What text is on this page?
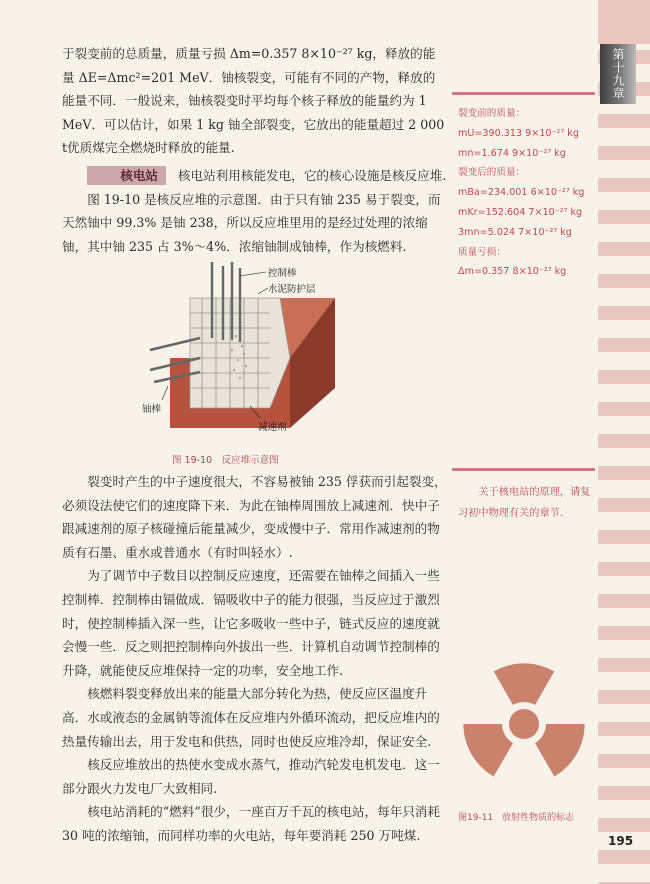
第十九章

于裂变前的总质量，质量亏损 Δm=0.357 8×10⁻²⁷ kg，释放的能量 ΔE=Δmc²=201 MeV．铀核裂变，可能有不同的产物，释放的能量不同．一般说来，铀核裂变时平均每个核子释放的能量约为 1 MeV．可以估计，如果 1 kg 铀全部裂变，它放出的能量超过 2 000 t优质煤完全燃烧时释放的能量.

核电站 核电站利用核能发电，它的核心设施是核反应堆.

图 19-10 是核反应堆的示意图．由于只有铀 235 易于裂变，而天然铀中 99.3% 是铀 238，所以反应堆里用的是经过处理的浓缩铀，其中铀 235 占 3%～4%．浓缩铀制成铀棒，作为核燃料.

控制棒
水泥防护层
铀棒
减速剂
图 19-10　反应堆示意图

裂变时产生的中子速度很大，不容易被铀 235 俘获而引起裂变，必须设法使它们的速度降下来．为此在铀棒周围放上减速剂．快中子跟减速剂的原子核碰撞后能量减少，变成慢中子．常用作减速剂的物质有石墨、重水或普通水（有时叫轻水）.

为了调节中子数目以控制反应速度，还需要在铀棒之间插入一些控制棒．控制棒由镉做成．镉吸收中子的能力很强，当反应过于激烈时，使控制棒插入深一些，让它多吸收一些中子，链式反应的速度就会慢一些．反之则把控制棒向外拔出一些．计算机自动调节控制棒的升降，就能使反应堆保持一定的功率，安全地工作.

核燃料裂变释放出来的能量大部分转化为热，使反应区温度升高．水或液态的金属钠等流体在反应堆内外循环流动，把反应堆内的热量传输出去，用于发电和供热，同时也使反应堆冷却，保证安全.

核反应堆放出的热使水变成水蒸气，推动汽轮发电机发电．这一部分跟火力发电厂大致相同.

核电站消耗的“燃料”很少，一座百万千瓦的核电站，每年只消耗 30 吨的浓缩铀，而同样功率的火电站，每年要消耗 250 万吨煤.

裂变前的质量：
mU=390.313 9×10⁻²⁷ kg
mn=1.674 9×10⁻²⁷ kg
裂变后的质量：
mBa=234.001 6×10⁻²⁷ kg
mKr=152.604 7×10⁻²⁷ kg
3mn=5.024 7×10⁻²⁷ kg
质量亏损：
Δm=0.357 8×10⁻²⁷ kg
关于核电站的原理，请复习初中物理有关的章节.
图19-11　放射性物质的标志
195
